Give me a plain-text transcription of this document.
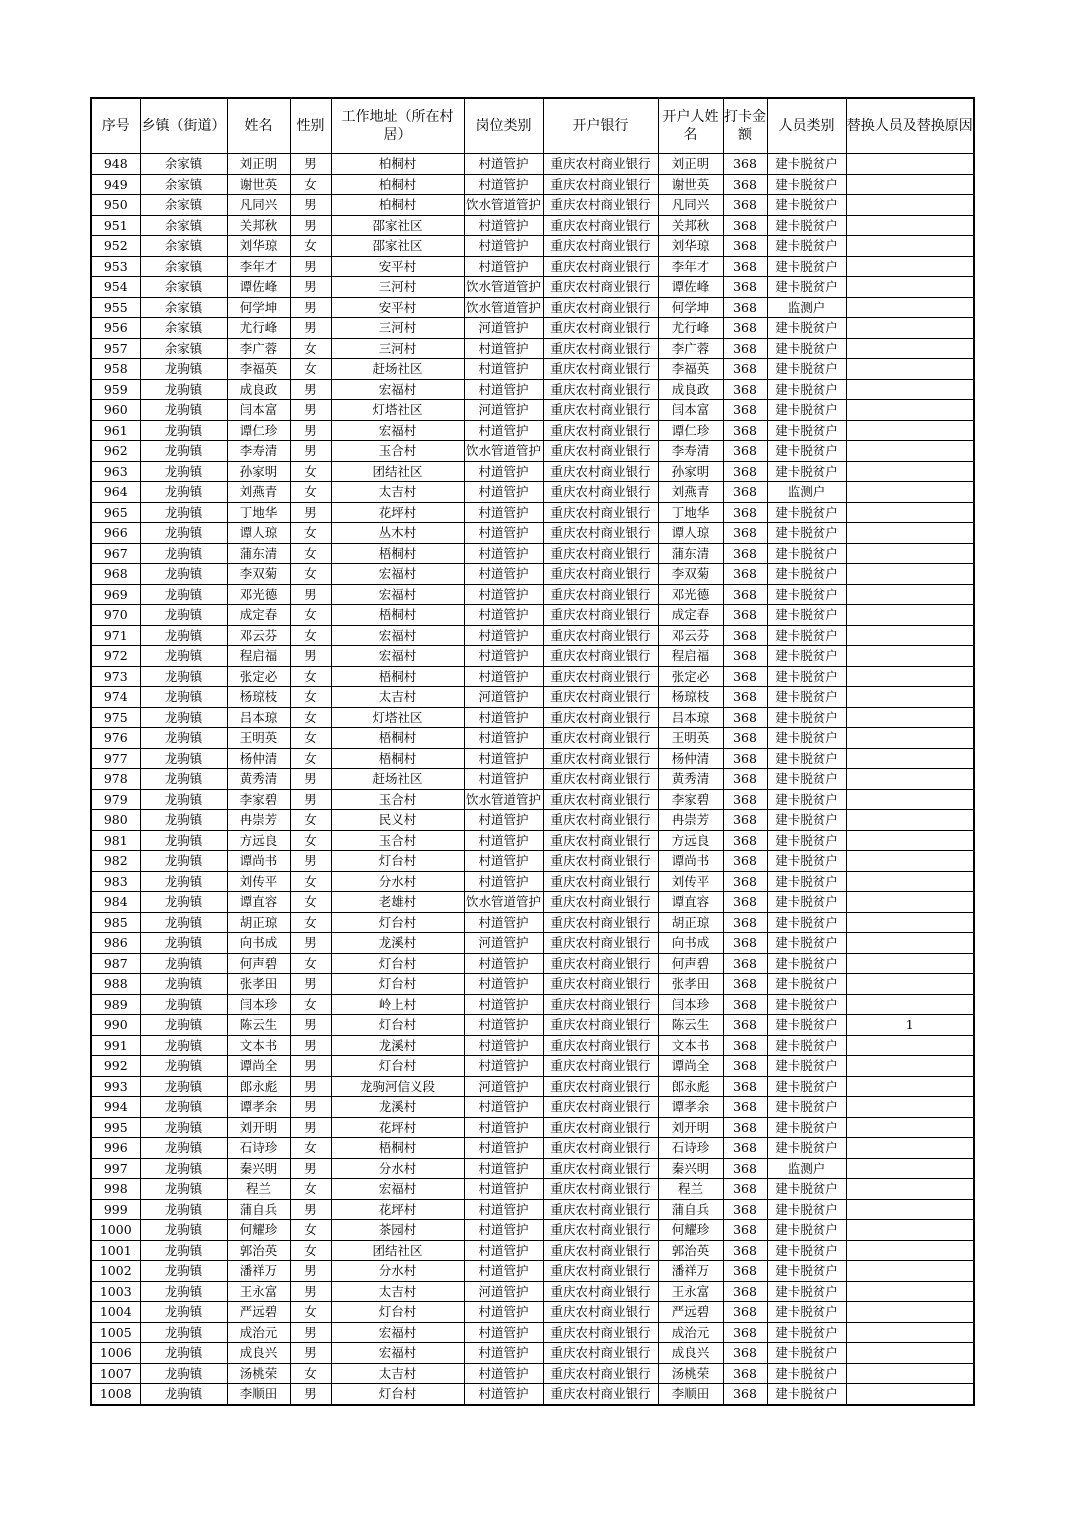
序号	乡镇（街道）	姓名	性别	工作地址（所在村居）	岗位类别	开户银行	开户人姓名	打卡金额	人员类别	替换人员及替换原因
948	余家镇	刘正明	男	柏桐村	村道管护	重庆农村商业银行	刘正明	368	建卡脱贫户	
949	余家镇	谢世英	女	柏桐村	村道管护	重庆农村商业银行	谢世英	368	建卡脱贫户	
950	余家镇	凡同兴	男	柏桐村	饮水管道管护	重庆农村商业银行	凡同兴	368	建卡脱贫户	
951	余家镇	关邦秋	男	邵家社区	村道管护	重庆农村商业银行	关邦秋	368	建卡脱贫户	
952	余家镇	刘华琼	女	邵家社区	村道管护	重庆农村商业银行	刘华琼	368	建卡脱贫户	
953	余家镇	李年才	男	安平村	村道管护	重庆农村商业银行	李年才	368	建卡脱贫户	
954	余家镇	谭佐峰	男	三河村	饮水管道管护	重庆农村商业银行	谭佐峰	368	建卡脱贫户	
955	余家镇	何学坤	男	安平村	饮水管道管护	重庆农村商业银行	何学坤	368	监测户	
956	余家镇	尤行峰	男	三河村	河道管护	重庆农村商业银行	尤行峰	368	建卡脱贫户	
957	余家镇	李广蓉	女	三河村	村道管护	重庆农村商业银行	李广蓉	368	建卡脱贫户	
958	龙驹镇	李福英	女	赶场社区	村道管护	重庆农村商业银行	李福英	368	建卡脱贫户	
959	龙驹镇	成良政	男	宏福村	村道管护	重庆农村商业银行	成良政	368	建卡脱贫户	
960	龙驹镇	闫本富	男	灯塔社区	河道管护	重庆农村商业银行	闫本富	368	建卡脱贫户	
961	龙驹镇	谭仁珍	男	宏福村	村道管护	重庆农村商业银行	谭仁珍	368	建卡脱贫户	
962	龙驹镇	李寿清	男	玉合村	饮水管道管护	重庆农村商业银行	李寿清	368	建卡脱贫户	
963	龙驹镇	孙家明	女	团结社区	村道管护	重庆农村商业银行	孙家明	368	建卡脱贫户	
964	龙驹镇	刘燕青	女	太吉村	村道管护	重庆农村商业银行	刘燕青	368	监测户	
965	龙驹镇	丁地华	男	花坪村	村道管护	重庆农村商业银行	丁地华	368	建卡脱贫户	
966	龙驹镇	谭人琼	女	丛木村	村道管护	重庆农村商业银行	谭人琼	368	建卡脱贫户	
967	龙驹镇	蒲东清	女	梧桐村	村道管护	重庆农村商业银行	蒲东清	368	建卡脱贫户	
968	龙驹镇	李双菊	女	宏福村	村道管护	重庆农村商业银行	李双菊	368	建卡脱贫户	
969	龙驹镇	邓光德	男	宏福村	村道管护	重庆农村商业银行	邓光德	368	建卡脱贫户	
970	龙驹镇	成定春	女	梧桐村	村道管护	重庆农村商业银行	成定春	368	建卡脱贫户	
971	龙驹镇	邓云芬	女	宏福村	村道管护	重庆农村商业银行	邓云芬	368	建卡脱贫户	
972	龙驹镇	程启福	男	宏福村	村道管护	重庆农村商业银行	程启福	368	建卡脱贫户	
973	龙驹镇	张定必	女	梧桐村	村道管护	重庆农村商业银行	张定必	368	建卡脱贫户	
974	龙驹镇	杨琼枝	女	太吉村	河道管护	重庆农村商业银行	杨琼枝	368	建卡脱贫户	
975	龙驹镇	吕本琼	女	灯塔社区	村道管护	重庆农村商业银行	吕本琼	368	建卡脱贫户	
976	龙驹镇	王明英	女	梧桐村	村道管护	重庆农村商业银行	王明英	368	建卡脱贫户	
977	龙驹镇	杨仲清	女	梧桐村	村道管护	重庆农村商业银行	杨仲清	368	建卡脱贫户	
978	龙驹镇	黄秀清	男	赶场社区	村道管护	重庆农村商业银行	黄秀清	368	建卡脱贫户	
979	龙驹镇	李家碧	男	玉合村	饮水管道管护	重庆农村商业银行	李家碧	368	建卡脱贫户	
980	龙驹镇	冉崇芳	女	民义村	村道管护	重庆农村商业银行	冉崇芳	368	建卡脱贫户	
981	龙驹镇	方远良	女	玉合村	村道管护	重庆农村商业银行	方远良	368	建卡脱贫户	
982	龙驹镇	谭尚书	男	灯台村	村道管护	重庆农村商业银行	谭尚书	368	建卡脱贫户	
983	龙驹镇	刘传平	女	分水村	村道管护	重庆农村商业银行	刘传平	368	建卡脱贫户	
984	龙驹镇	谭直容	女	老雄村	饮水管道管护	重庆农村商业银行	谭直容	368	建卡脱贫户	
985	龙驹镇	胡正琼	女	灯台村	村道管护	重庆农村商业银行	胡正琼	368	建卡脱贫户	
986	龙驹镇	向书成	男	龙溪村	河道管护	重庆农村商业银行	向书成	368	建卡脱贫户	
987	龙驹镇	何声碧	女	灯台村	村道管护	重庆农村商业银行	何声碧	368	建卡脱贫户	
988	龙驹镇	张孝田	男	灯台村	村道管护	重庆农村商业银行	张孝田	368	建卡脱贫户	
989	龙驹镇	闫本珍	女	岭上村	村道管护	重庆农村商业银行	闫本珍	368	建卡脱贫户	
990	龙驹镇	陈云生	男	灯台村	村道管护	重庆农村商业银行	陈云生	368	建卡脱贫户	1
991	龙驹镇	文本书	男	龙溪村	村道管护	重庆农村商业银行	文本书	368	建卡脱贫户	
992	龙驹镇	谭尚全	男	灯台村	村道管护	重庆农村商业银行	谭尚全	368	建卡脱贫户	
993	龙驹镇	郎永彪	男	龙驹河信义段	河道管护	重庆农村商业银行	郎永彪	368	建卡脱贫户	
994	龙驹镇	谭孝余	男	龙溪村	村道管护	重庆农村商业银行	谭孝余	368	建卡脱贫户	
995	龙驹镇	刘开明	男	花坪村	村道管护	重庆农村商业银行	刘开明	368	建卡脱贫户	
996	龙驹镇	石诗珍	女	梧桐村	村道管护	重庆农村商业银行	石诗珍	368	建卡脱贫户	
997	龙驹镇	秦兴明	男	分水村	村道管护	重庆农村商业银行	秦兴明	368	监测户	
998	龙驹镇	程兰	女	宏福村	村道管护	重庆农村商业银行	程兰	368	建卡脱贫户	
999	龙驹镇	蒲自兵	男	花坪村	村道管护	重庆农村商业银行	蒲自兵	368	建卡脱贫户	
1000	龙驹镇	何耀珍	女	茶园村	村道管护	重庆农村商业银行	何耀珍	368	建卡脱贫户	
1001	龙驹镇	郭治英	女	团结社区	村道管护	重庆农村商业银行	郭治英	368	建卡脱贫户	
1002	龙驹镇	潘祥万	男	分水村	村道管护	重庆农村商业银行	潘祥万	368	建卡脱贫户	
1003	龙驹镇	王永富	男	太吉村	河道管护	重庆农村商业银行	王永富	368	建卡脱贫户	
1004	龙驹镇	严远碧	女	灯台村	村道管护	重庆农村商业银行	严远碧	368	建卡脱贫户	
1005	龙驹镇	成治元	男	宏福村	村道管护	重庆农村商业银行	成治元	368	建卡脱贫户	
1006	龙驹镇	成良兴	男	宏福村	村道管护	重庆农村商业银行	成良兴	368	建卡脱贫户	
1007	龙驹镇	汤桃荣	女	太吉村	村道管护	重庆农村商业银行	汤桃荣	368	建卡脱贫户	
1008	龙驹镇	李顺田	男	灯台村	村道管护	重庆农村商业银行	李顺田	368	建卡脱贫户	
